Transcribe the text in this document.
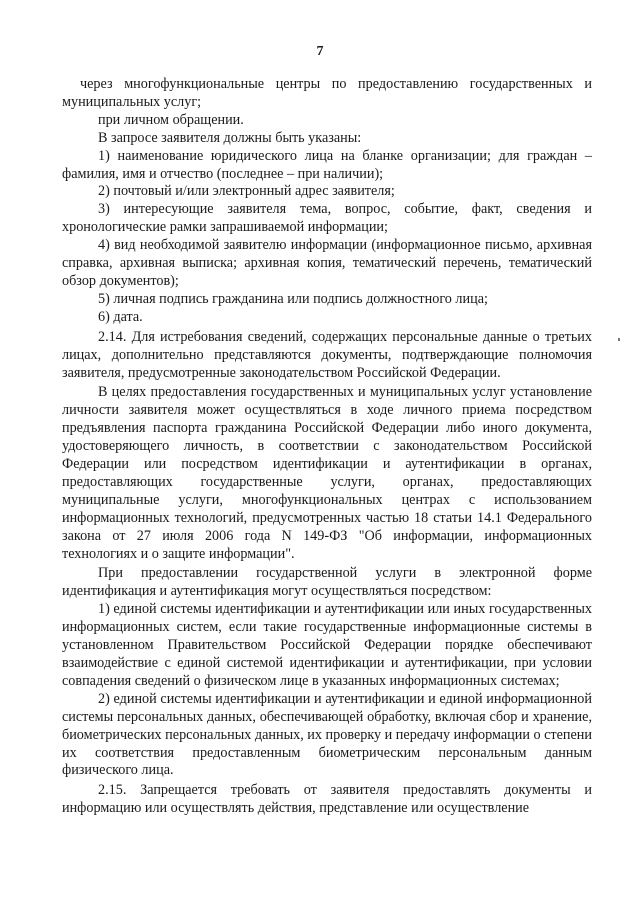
7

через многофункциональные центры по предоставлению государственных и муниципальных услуг;

при личном обращении.

В запросе заявителя должны быть указаны:

1) наименование юридического лица на бланке организации; для граждан – фамилия, имя и отчество (последнее – при наличии);

2) почтовый и/или электронный адрес заявителя;

3) интересующие заявителя тема, вопрос, событие, факт, сведения и хронологические рамки запрашиваемой информации;

4) вид необходимой заявителю информации (информационное письмо, архивная справка, архивная выписка; архивная копия, тематический перечень, тематический обзор документов);

5) личная подпись гражданина или подпись должностного лица;

6) дата.

2.14. Для истребования сведений, содержащих персональные данные о третьих лицах, дополнительно представляются документы, подтверждающие полномочия заявителя, предусмотренные законодательством Российской Федерации.

В целях предоставления государственных и муниципальных услуг установление личности заявителя может осуществляться в ходе личного приема посредством предъявления паспорта гражданина Российской Федерации либо иного документа, удостоверяющего личность, в соответствии с законодательством Российской Федерации или посредством идентификации и аутентификации в органах, предоставляющих государственные услуги, органах, предоставляющих муниципальные услуги, многофункциональных центрах с использованием информационных технологий, предусмотренных частью 18 статьи 14.1 Федерального закона от 27 июля 2006 года N 149-ФЗ "Об информации, информационных технологиях и о защите информации".

При предоставлении государственной услуги в электронной форме идентификация и аутентификация могут осуществляться посредством:

1) единой системы идентификации и аутентификации или иных государственных информационных систем, если такие государственные информационные системы в установленном Правительством Российской Федерации порядке обеспечивают взаимодействие с единой системой идентификации и аутентификации, при условии совпадения сведений о физическом лице в указанных информационных системах;

2) единой системы идентификации и аутентификации и единой информационной системы персональных данных, обеспечивающей обработку, включая сбор и хранение, биометрических персональных данных, их проверку и передачу информации о степени их соответствия предоставленным биометрическим персональным данным физического лица.

2.15. Запрещается требовать от заявителя предоставлять документы и информацию или осуществлять действия, представление или осуществление
